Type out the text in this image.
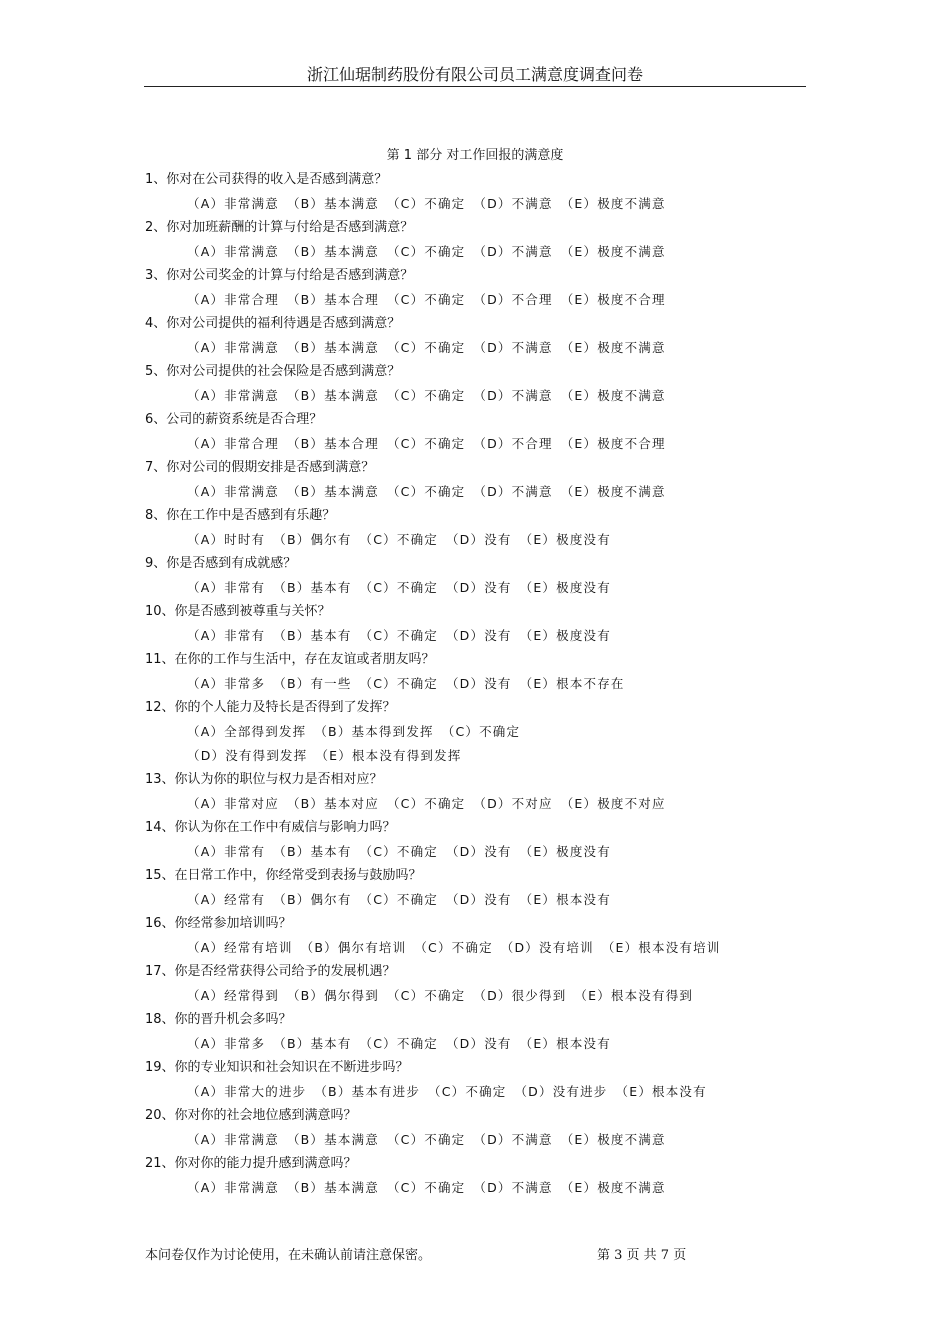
浙江仙琚制药股份有限公司员工满意度调查问卷
第 1 部分 对工作回报的满意度
1、你对在公司获得的收入是否感到满意？
（A）非常满意 （B）基本满意 （C）不确定 （D）不满意 （E）极度不满意
2、你对加班薪酬的计算与付给是否感到满意？
（A）非常满意 （B）基本满意 （C）不确定 （D）不满意 （E）极度不满意
3、你对公司奖金的计算与付给是否感到满意？
（A）非常合理 （B）基本合理 （C）不确定 （D）不合理 （E）极度不合理
4、你对公司提供的福利待遇是否感到满意？
（A）非常满意 （B）基本满意 （C）不确定 （D）不满意 （E）极度不满意
5、你对公司提供的社会保险是否感到满意？
（A）非常满意 （B）基本满意 （C）不确定 （D）不满意 （E）极度不满意
6、公司的薪资系统是否合理？
（A）非常合理 （B）基本合理 （C）不确定 （D）不合理 （E）极度不合理
7、你对公司的假期安排是否感到满意？
（A）非常满意 （B）基本满意 （C）不确定 （D）不满意 （E）极度不满意
8、你在工作中是否感到有乐趣？
（A）时时有 （B）偶尔有 （C）不确定 （D）没有 （E）极度没有
9、你是否感到有成就感？
（A）非常有 （B）基本有 （C）不确定 （D）没有 （E）极度没有
10、你是否感到被尊重与关怀？
（A）非常有 （B）基本有 （C）不确定 （D）没有 （E）极度没有
11、在你的工作与生活中，存在友谊或者朋友吗？
（A）非常多 （B）有一些 （C）不确定 （D）没有 （E）根本不存在
12、你的个人能力及特长是否得到了发挥？
（A）全部得到发挥 （B）基本得到发挥 （C）不确定
（D）没有得到发挥 （E）根本没有得到发挥
13、你认为你的职位与权力是否相对应？
（A）非常对应 （B）基本对应 （C）不确定 （D）不对应 （E）极度不对应
14、你认为你在工作中有威信与影响力吗？
（A）非常有 （B）基本有 （C）不确定 （D）没有 （E）极度没有
15、在日常工作中，你经常受到表扬与鼓励吗？
（A）经常有 （B）偶尔有 （C）不确定 （D）没有 （E）根本没有
16、你经常参加培训吗？
（A）经常有培训 （B）偶尔有培训 （C）不确定 （D）没有培训 （E）根本没有培训
17、你是否经常获得公司给予的发展机遇？
（A）经常得到 （B）偶尔得到 （C）不确定 （D）很少得到 （E）根本没有得到
18、你的晋升机会多吗？
（A）非常多 （B）基本有 （C）不确定 （D）没有 （E）根本没有
19、你的专业知识和社会知识在不断进步吗？
（A）非常大的进步 （B）基本有进步 （C）不确定 （D）没有进步 （E）根本没有
20、你对你的社会地位感到满意吗？
（A）非常满意 （B）基本满意 （C）不确定 （D）不满意 （E）极度不满意
21、你对你的能力提升感到满意吗？
（A）非常满意 （B）基本满意 （C）不确定 （D）不满意 （E）极度不满意
本问卷仅作为讨论使用，在未确认前请注意保密。	第 3 页 共 7 页
